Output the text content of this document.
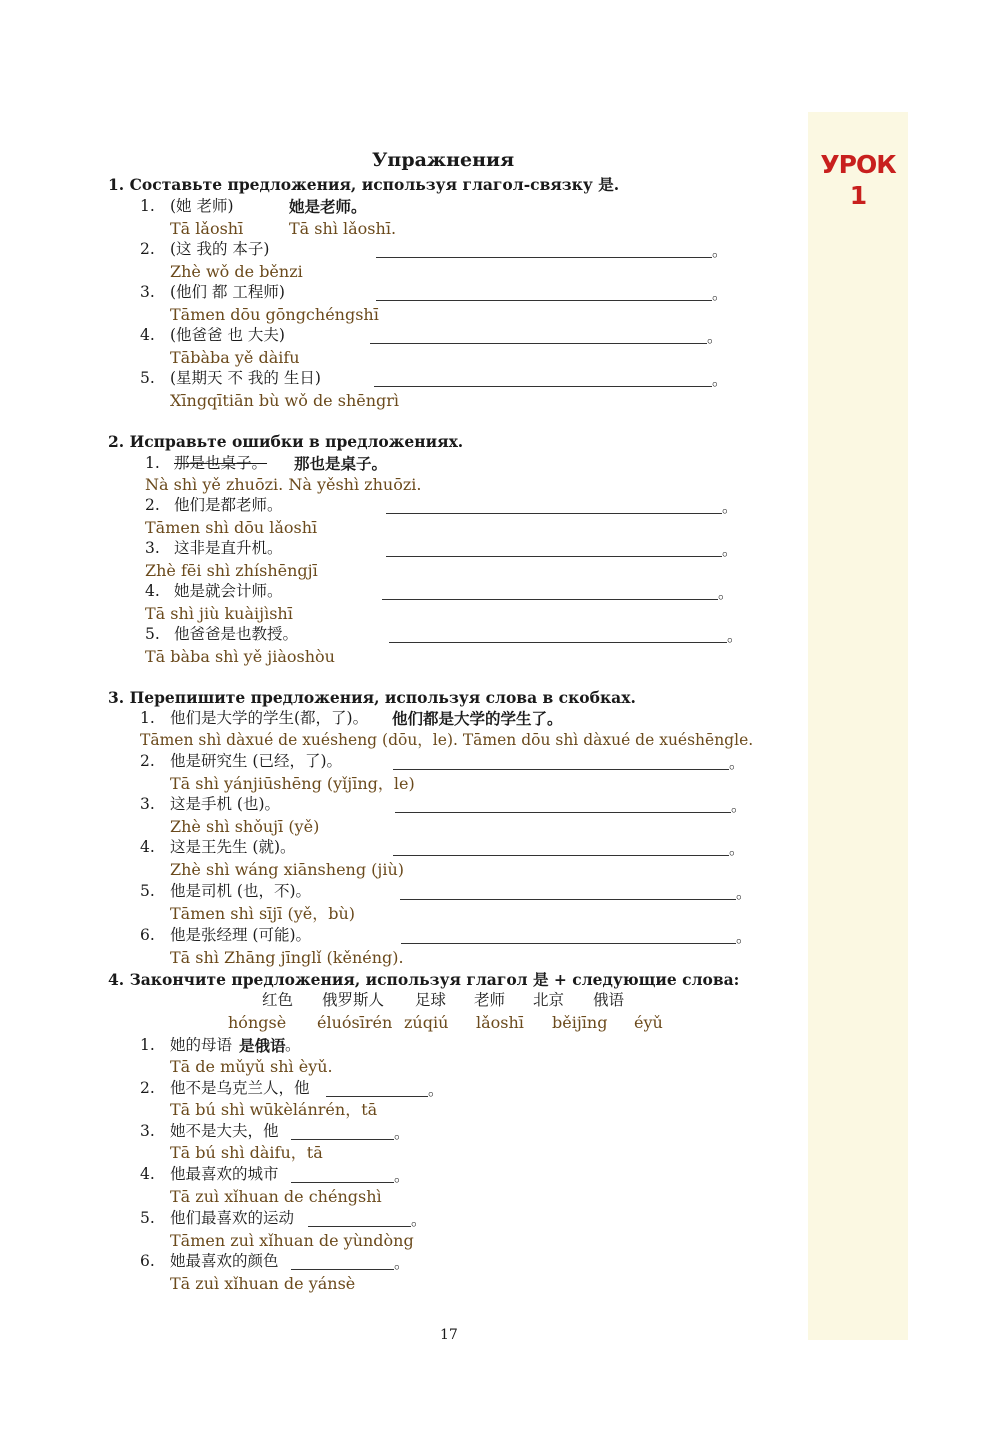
УРОК
1
Упражнения
1. Составьте предложения, используя глагол-связку 是.
1. (她 老师)	她是老师。
Tā lǎoshī	Tā shì lǎoshī.
2. (这 我的 本子)	。
Zhè wǒ de běnzi
3. (他们 都 工程师)	。
Tāmen dōu gōngchéngshī
4. (他爸爸 也 大夫)	。
Tābàba yě dàifu
5. (星期天 不 我的 生日)	。
Xīngqītiān bù wǒ de shēngrì
2. Исправьте ошибки в предложениях.
1. 那是也桌子。 那也是桌子。
Nà shì yě zhuōzi. Nà yěshì zhuōzi.
2. 他们是都老师。	。
Tāmen shì dōu lǎoshī
3. 这非是直升机。	。
Zhè fēi shì zhíshēngjī
4. 她是就会计师。	。
Tā shì jiù kuàijìshī
5. 他爸爸是也教授。	。
Tā bàba shì yě jiàoshòu
3. Перепишите предложения, используя слова в скобках.
1. 他们是大学的学生(都，了)。 他们都是大学的学生了。
Tāmen shì dàxué de xuésheng (dōu，le). Tāmen dōu shì dàxué de xuéshēngle.
2. 他是研究生 (已经，了)。	。
Tā shì yánjiūshēng (yǐjīng，le)
3. 这是手机 (也)。	。
Zhè shì shǒujī (yě)
4. 这是王先生 (就)。	。
Zhè shì wáng xiānsheng (jiù)
5. 他是司机 (也，不)。	。
Tāmen shì sījī (yě，bù)
6. 他是张经理 (可能)。	。
Tā shì Zhāng jīnglǐ (kěnéng).
4. Закончите предложения, используя глагол 是 + следующие слова:
红色 俄罗斯人 足球 老师 北京 俄语
hóngsè éluósīrén zúqiú lǎoshī běijīng éyǔ
1. 她的母语 是俄语 。
Tā de mǔyǔ shì èyǔ.
2. 他不是乌克兰人，他	。
Tā bú shì wūkèlánrén，tā
3. 她不是大夫，他	。
Tā bú shì dàifu，tā
4. 他最喜欢的城市	。
Tā zuì xǐhuan de chéngshì
5. 他们最喜欢的运动	。
Tāmen zuì xǐhuan de yùndòng
6. 她最喜欢的颜色	。
Tā zuì xǐhuan de yánsè
17
